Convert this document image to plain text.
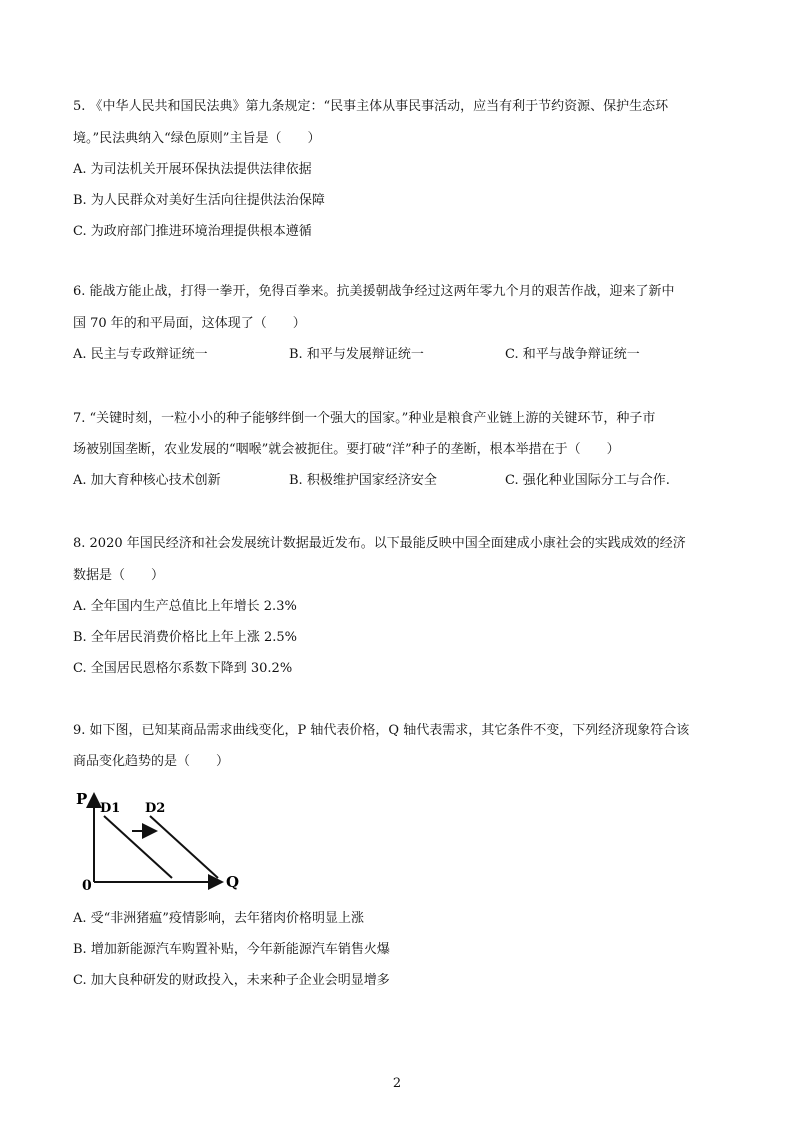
5. 《中华人民共和国民法典》第九条规定：“民事主体从事民事活动，应当有利于节约资源、保护生态环
境。”民法典纳入“绿色原则”主旨是（　　）
A. 为司法机关开展环保执法提供法律依据
B. 为人民群众对美好生活向往提供法治保障
C. 为政府部门推进环境治理提供根本遵循
6. 能战方能止战，打得一拳开，免得百拳来。抗美援朝战争经过这两年零九个月的艰苦作战，迎来了新中
国 70 年的和平局面，这体现了（　　）
A. 民主与专政辩证统一	B. 和平与发展辩证统一	C. 和平与战争辩证统一
7. “关键时刻，一粒小小的种子能够绊倒一个强大的国家。”种业是粮食产业链上游的关键环节，种子市
场被别国垄断，农业发展的“咽喉”就会被扼住。要打破“洋”种子的垄断，根本举措在于（　　）
A. 加大育种核心技术创新	B. 积极维护国家经济安全	C. 强化种业国际分工与合作.
8. 2020 年国民经济和社会发展统计数据最近发布。以下最能反映中国全面建成小康社会的实践成效的经济
数据是（　　）
A. 全年国内生产总值比上年增长 2.3%
B. 全年居民消费价格比上年上涨 2.5%
C. 全国居民恩格尔系数下降到 30.2%
9. 如下图，已知某商品需求曲线变化，P 轴代表价格，Q 轴代表需求，其它条件不变，下列经济现象符合该
商品变化趋势的是（　　）
P
Q
0
D1 D2
A. 受“非洲猪瘟”疫情影响，去年猪肉价格明显上涨
B. 增加新能源汽车购置补贴，今年新能源汽车销售火爆
C. 加大良种研发的财政投入，未来种子企业会明显增多
2
